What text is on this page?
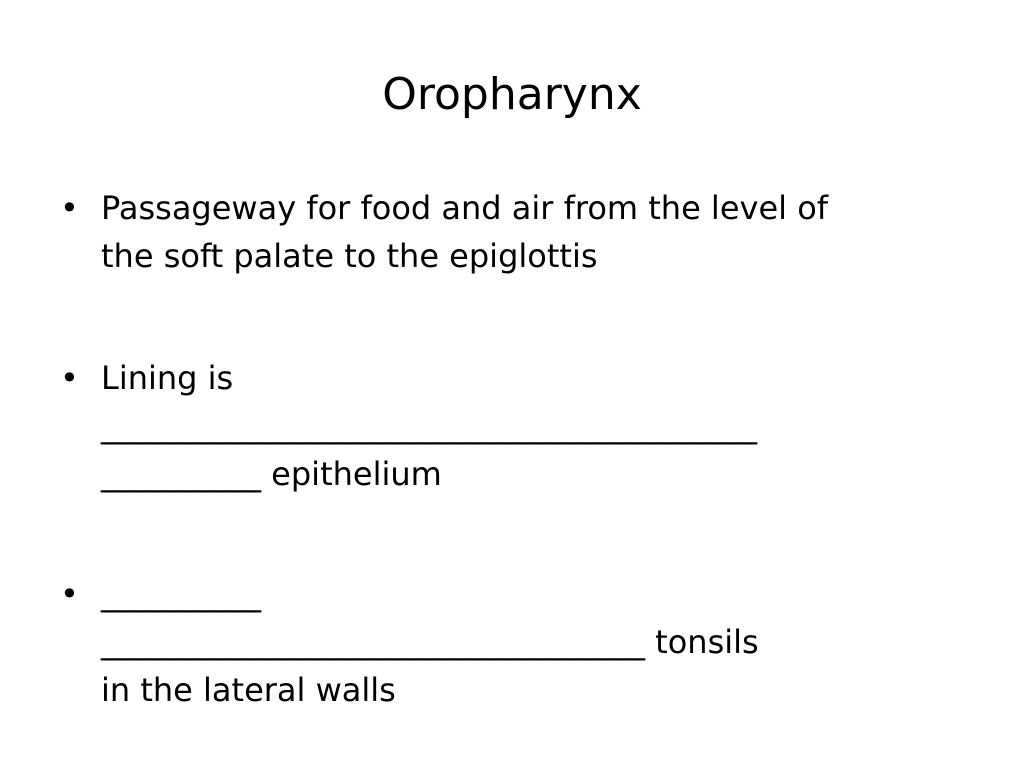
Oropharynx
• Passageway for food and air from the level of
the soft palate to the epiglottis
• Lining is
_________________________________________
__________ epithelium
• __________
__________________________________ tonsils
in the lateral walls
